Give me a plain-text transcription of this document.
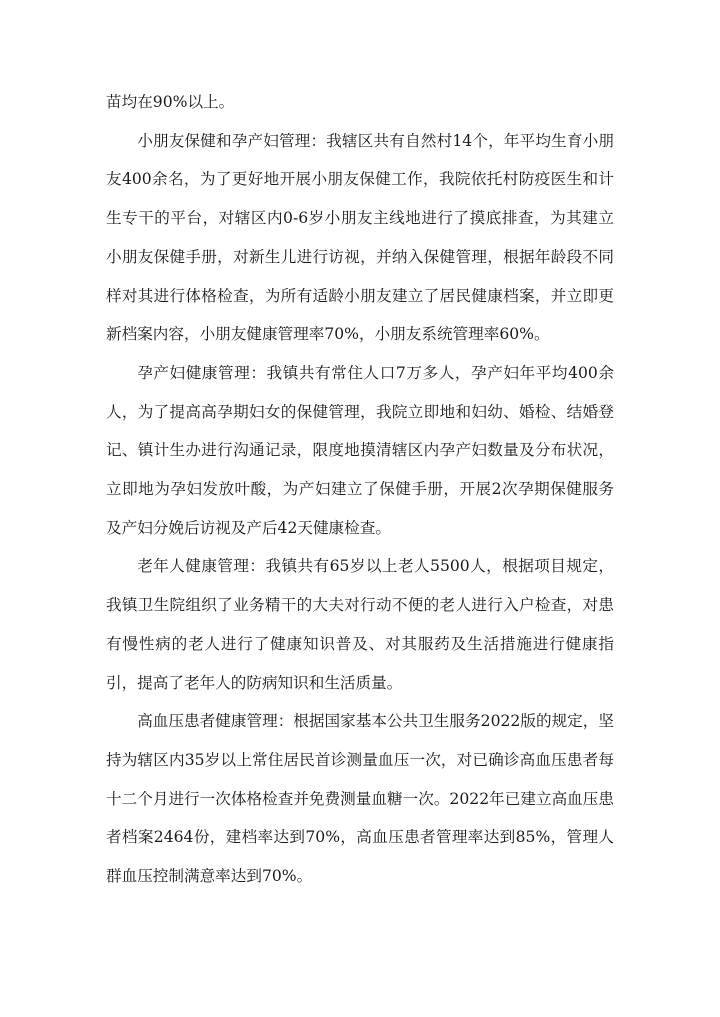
苗均在90%以上。

小朋友保健和孕产妇管理：我辖区共有自然村14个，年平均生育小朋友400余名，为了更好地开展小朋友保健工作，我院依托村防疫医生和计生专干的平台，对辖区内0-6岁小朋友主线地进行了摸底排查，为其建立小朋友保健手册，对新生儿进行访视，并纳入保健管理，根据年龄段不同样对其进行体格检查，为所有适龄小朋友建立了居民健康档案，并立即更新档案内容，小朋友健康管理率70%，小朋友系统管理率60%。

孕产妇健康管理：我镇共有常住人口7万多人，孕产妇年平均400余人，为了提高高孕期妇女的保健管理，我院立即地和妇幼、婚检、结婚登记、镇计生办进行沟通记录，限度地摸清辖区内孕产妇数量及分布状况，立即地为孕妇发放叶酸，为产妇建立了保健手册，开展2次孕期保健服务及产妇分娩后访视及产后42天健康检查。

老年人健康管理：我镇共有65岁以上老人5500人，根据项目规定，我镇卫生院组织了业务精干的大夫对行动不便的老人进行入户检查，对患有慢性病的老人进行了健康知识普及、对其服药及生活措施进行健康指引，提高了老年人的防病知识和生活质量。

高血压患者健康管理：根据国家基本公共卫生服务2022版的规定，坚持为辖区内35岁以上常住居民首诊测量血压一次，对已确诊高血压患者每十二个月进行一次体格检查并免费测量血糖一次。2022年已建立高血压患者档案2464份，建档率达到70%，高血压患者管理率达到85%，管理人群血压控制满意率达到70%。
